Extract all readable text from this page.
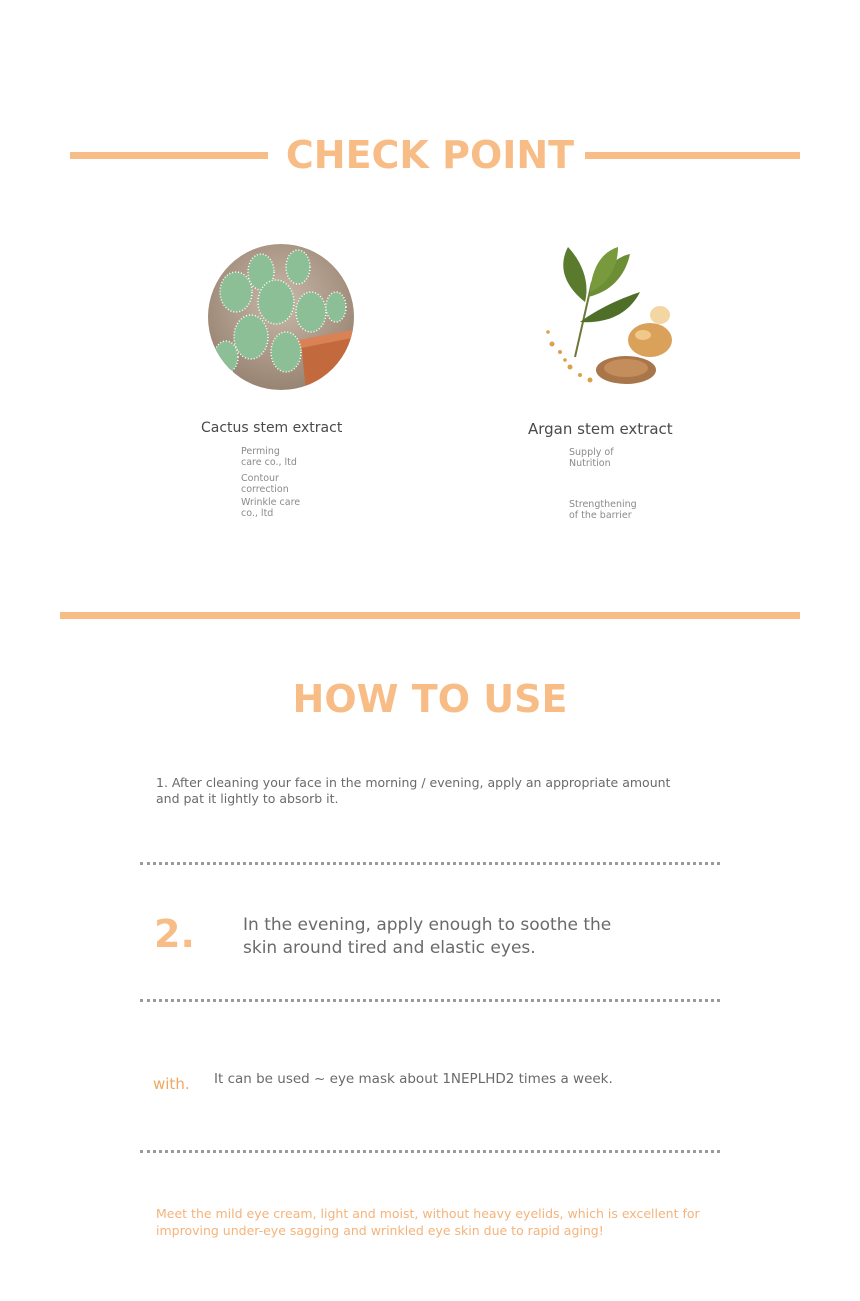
CHECK POINT
Cactus stem extract
Perming care co., ltd
Contour correction
Wrinkle care co., ltd
Argan stem extract
Supply of Nutrition
Strengthening of the barrier
HOW TO USE
1. After cleaning your face in the morning / evening, apply an appropriate amount and pat it lightly to absorb it.
2.	In the evening, apply enough to soothe the skin around tired and elastic eyes.
with. It can be used ~ eye mask about 1NEPLHD2 times a week.
Meet the mild eye cream, light and moist, without heavy eyelids, which is excellent for improving under-eye sagging and wrinkled eye skin due to rapid aging!
